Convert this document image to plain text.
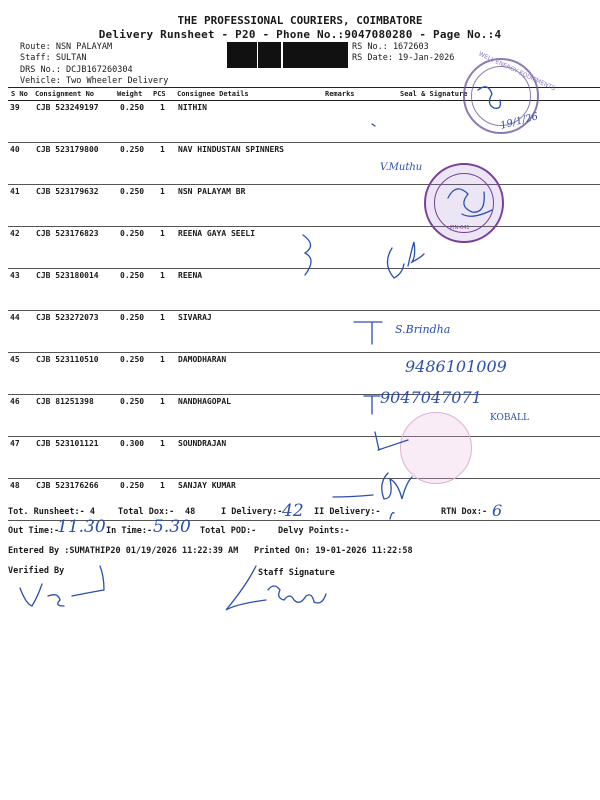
THE PROFESSIONAL COURIERS, COIMBATORE
Delivery Runsheet - P20 - Phone No.:9047080280 - Page No.:4
Route: NSN PALAYAM
Staff: SULTAN
DRS No.: DCJB167260304
Vehicle: Two Wheeler Delivery
RS No.: 1672603
RS Date: 19-Jan-2026
S No	Consignment No	Weight	PCS	Consignee Details	Remarks	Seal & Signature
39	CJB 523249197	0.250	1	NITHIN		
40	CJB 523179800	0.250	1	NAV HINDUSTAN SPINNERS		
41	CJB 523179632	0.250	1	NSN PALAYAM BR		
42	CJB 523176823	0.250	1	REENA GAYA SEELI		
43	CJB 523180014	0.250	1	REENA		
44	CJB 523272073	0.250	1	SIVARAJ		
45	CJB 523110510	0.250	1	DAMODHARAN		
46	CJB 81251398	0.250	1	NANDHAGOPAL		
47	CJB 523101121	0.300	1	SOUNDRAJAN		
48	CJB 523176266	0.250	1	SANJAY KUMAR		
Tot. Runsheet:- 4	Total Dox:- 48	I Delivery:-	II Delivery:-	RTN Dox:-
Out Time:-	In Time:-	Total POD:-	Delvy Points:-
Entered By :SUMATHIP20 01/19/2026 11:22:39 AM Printed On: 19-01-2026 11:22:58
Verified By	Staff Signature
42	6
11.30	5.30
V.Muthu
S.Brindha
9486101009
9047047071
KOBALL
19/1/26
WELL ENERGY EQUIPMENTS
PIN-641
